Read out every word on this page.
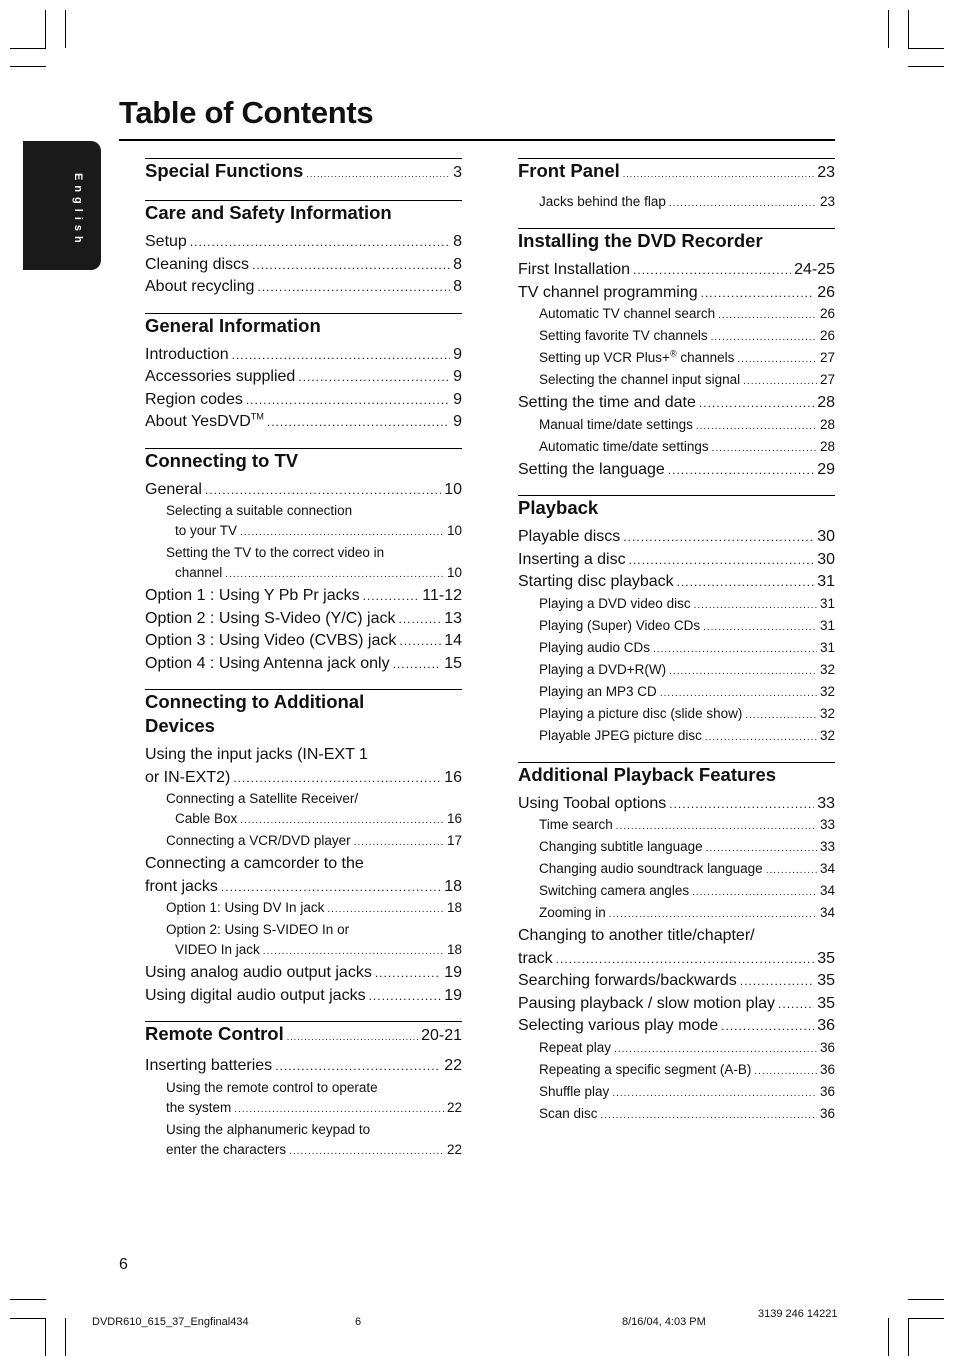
Table of Contents
English
Special Functions .....	3
Care and Safety Information
Setup .....	8
Cleaning discs .....	8
About recycling .....	8
General Information
Introduction .....	9
Accessories supplied .....	9
Region codes .....	9
About YesDVD™ .....	9
Connecting to TV
General .....	10
Selecting a suitable connection
to your TV .....	10
Setting the TV to the correct video in
channel .....	10
Option 1 : Using Y Pb Pr jacks .....	11-12
Option 2 : Using S-Video (Y/C) jack .....	13
Option 3 : Using Video (CVBS) jack .....	14
Option 4 : Using Antenna jack only .....	15
Connecting to Additional
Devices
Using the input jacks (IN-EXT 1
or IN-EXT2) .....	16
Connecting a Satellite Receiver/
Cable Box .....	16
Connecting a VCR/DVD player .....	17
Connecting a camcorder to the
front jacks .....	18
Option 1: Using DV In jack .....	18
Option 2: Using S-VIDEO In or
VIDEO In jack .....	18
Using analog audio output jacks .....	19
Using digital audio output jacks .....	19
Remote Control .....	20-21
Inserting batteries .....	22
Using the remote control to operate
the system .....	22
Using the alphanumeric keypad to
enter the characters .....	22
Front Panel .....	23
Jacks behind the flap .....	23
Installing the DVD Recorder
First Installation .....	24-25
TV channel programming .....	26
Automatic TV channel search .....	26
Setting favorite TV channels .....	26
Setting up VCR Plus+® channels .....	27
Selecting the channel input signal .....	27
Setting the time and date .....	28
Manual time/date settings .....	28
Automatic time/date settings .....	28
Setting the language .....	29
Playback
Playable discs .....	30
Inserting a disc .....	30
Starting disc playback .....	31
Playing a DVD video disc .....	31
Playing (Super) Video CDs .....	31
Playing audio CDs .....	31
Playing a DVD+R(W) .....	32
Playing an MP3 CD .....	32
Playing a picture disc (slide show) .....	32
Playable JPEG picture disc .....	32
Additional Playback Features
Using Toobal options .....	33
Time search .....	33
Changing subtitle language .....	33
Changing audio soundtrack language .....	34
Switching camera angles .....	34
Zooming in .....	34
Changing to another title/chapter/
track .....	35
Searching forwards/backwards .....	35
Pausing playback / slow motion play .....	35
Selecting various play mode .....	36
Repeat play .....	36
Repeating a specific segment (A-B) .....	36
Shuffle play .....	36
Scan disc .....	36
6
DVDR610_615_37_Engfinal434	6	8/16/04, 4:03 PM
3139 246 14221
